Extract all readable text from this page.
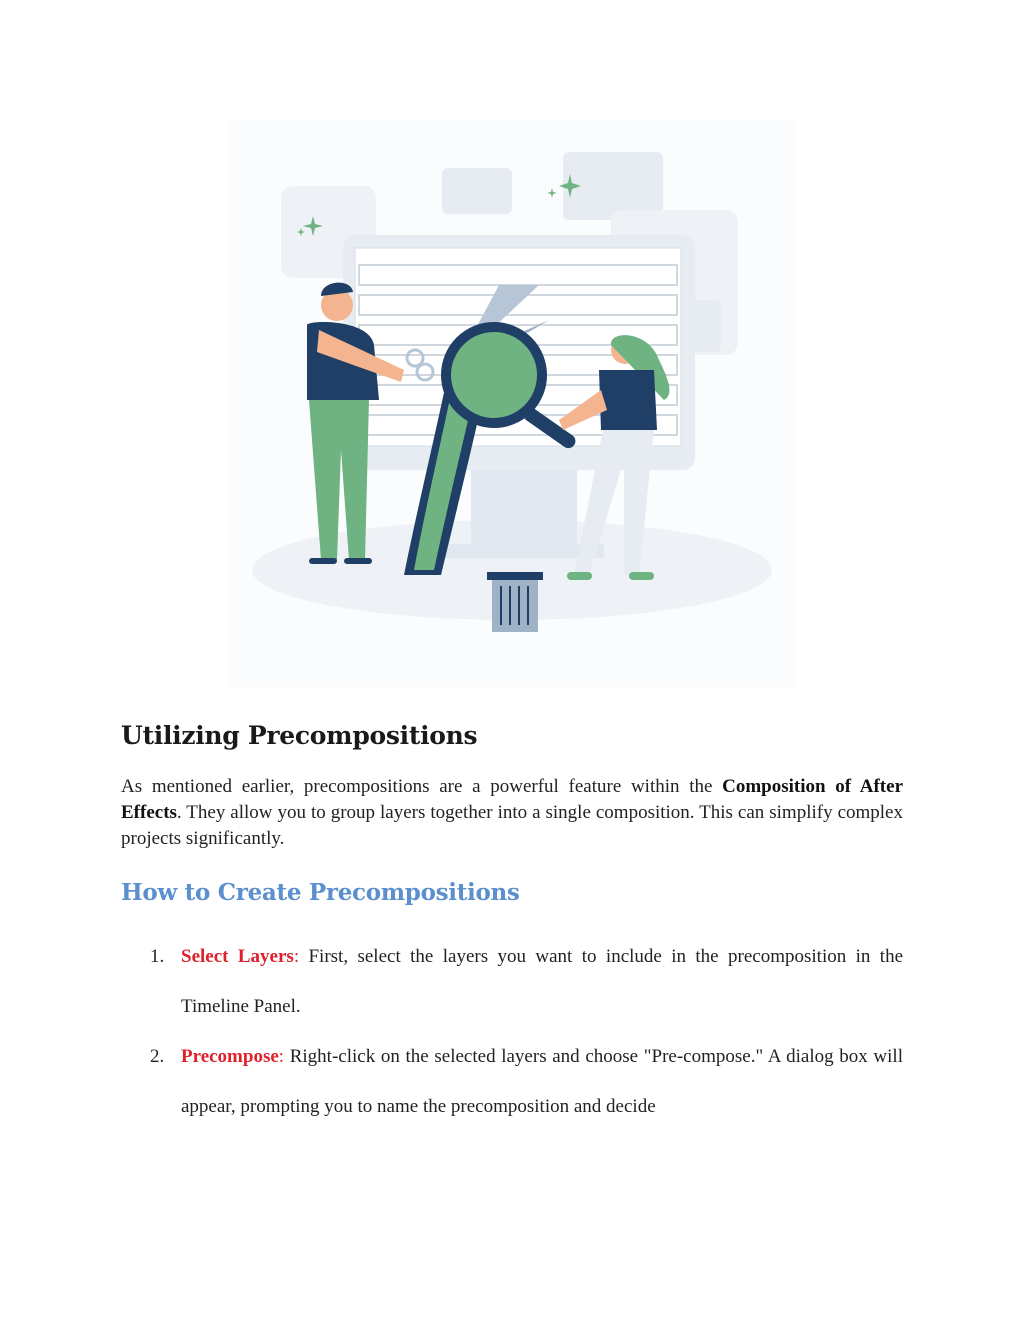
Utilizing Precompositions

As mentioned earlier, precompositions are a powerful feature within the Composition of After Effects. They allow you to group layers together into a single composition. This can simplify complex projects significantly.

How to Create Precompositions
1. Select Layers: First, select the layers you want to include in the precomposition in the Timeline Panel.
2. Precompose: Right-click on the selected layers and choose "Pre-compose." A dialog box will appear, prompting you to name the precomposition and decide
